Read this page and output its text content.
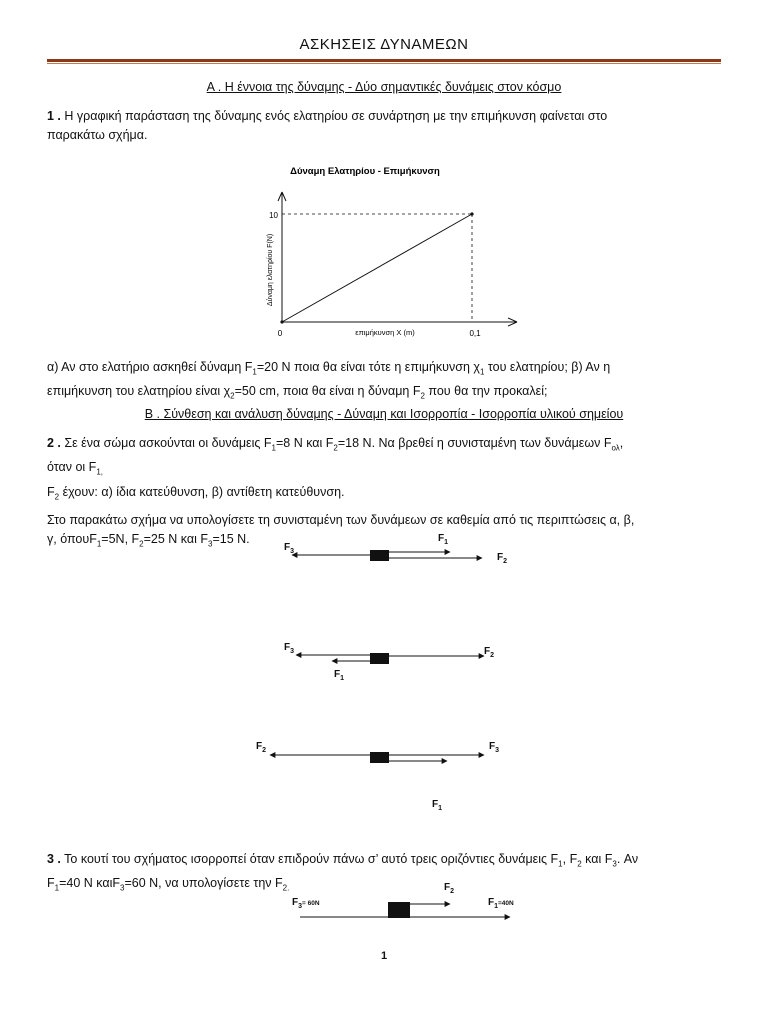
ΑΣΚΗΣΕΙΣ ΔΥΝΑΜΕΩΝ
Α . Η έννοια της δύναμης - Δύο σημαντικές δυνάμεις στον κόσμο
1 . Η γραφική παράσταση της δύναμης ενός ελατηρίου σε συνάρτηση με την επιμήκυνση φαίνεται στο
παρακάτω σχήμα.
Δύναμη Ελατηρίου - Επιμήκυνση
Δύναμη ελατηρίου F(N)
επιμήκυνση X (m)
10
0	0,1
α) Αν στο ελατήριο ασκηθεί δύναμη $F_1=20$ N ποια θα είναι τότε η επιμήκυνση $\chi_1$ του ελατηρίου; β) Αν η
επιμήκυνση του ελατηρίου είναι $\chi_2=50$ cm, ποια θα είναι η δύναμη $F_2$ που θα την προκαλεί;
Β . Σύνθεση και ανάλυση δύναμης - Δύναμη και Ισορροπία - Ισορροπία υλικού σημείου
2 . Σε ένα σώμα ασκούνται οι δυνάμεις $F_1=8$ N και $F_2=18$ N. Να βρεθεί η συνισταμένη των δυνάμεων $F_{o\lambda}$,
όταν οι $F_{1,}$
$F_2$ έχουν: α) ίδια κατεύθυνση, β) αντίθετη κατεύθυνση.
Στο παρακάτω σχήμα να υπολογίσετε τη συνισταμένη των δυνάμεων σε καθεμία από τις περιπτώσεις α, β,
γ, όπουF$_1$=5N, $F_2=25$ N και $F_3=15$ N.
$F_3$
$F_1$
$F_2$
$F_3$	$F_2$
$F_1$
$F_2$	$F_3$
$F_1$
3 . Το κουτί του σχήματος ισορροπεί όταν επιδρούν πάνω σ’ αυτό τρεις οριζόντιες δυνάμεις $F_1$, $F_2$ και $F_3$. Αν
$F_1=40$ N καιF$_3$=60 N, να υπολογίσετε την $F_{2.}$	$F_2$
$F_3= 60N$	$F_1=40N$
1
